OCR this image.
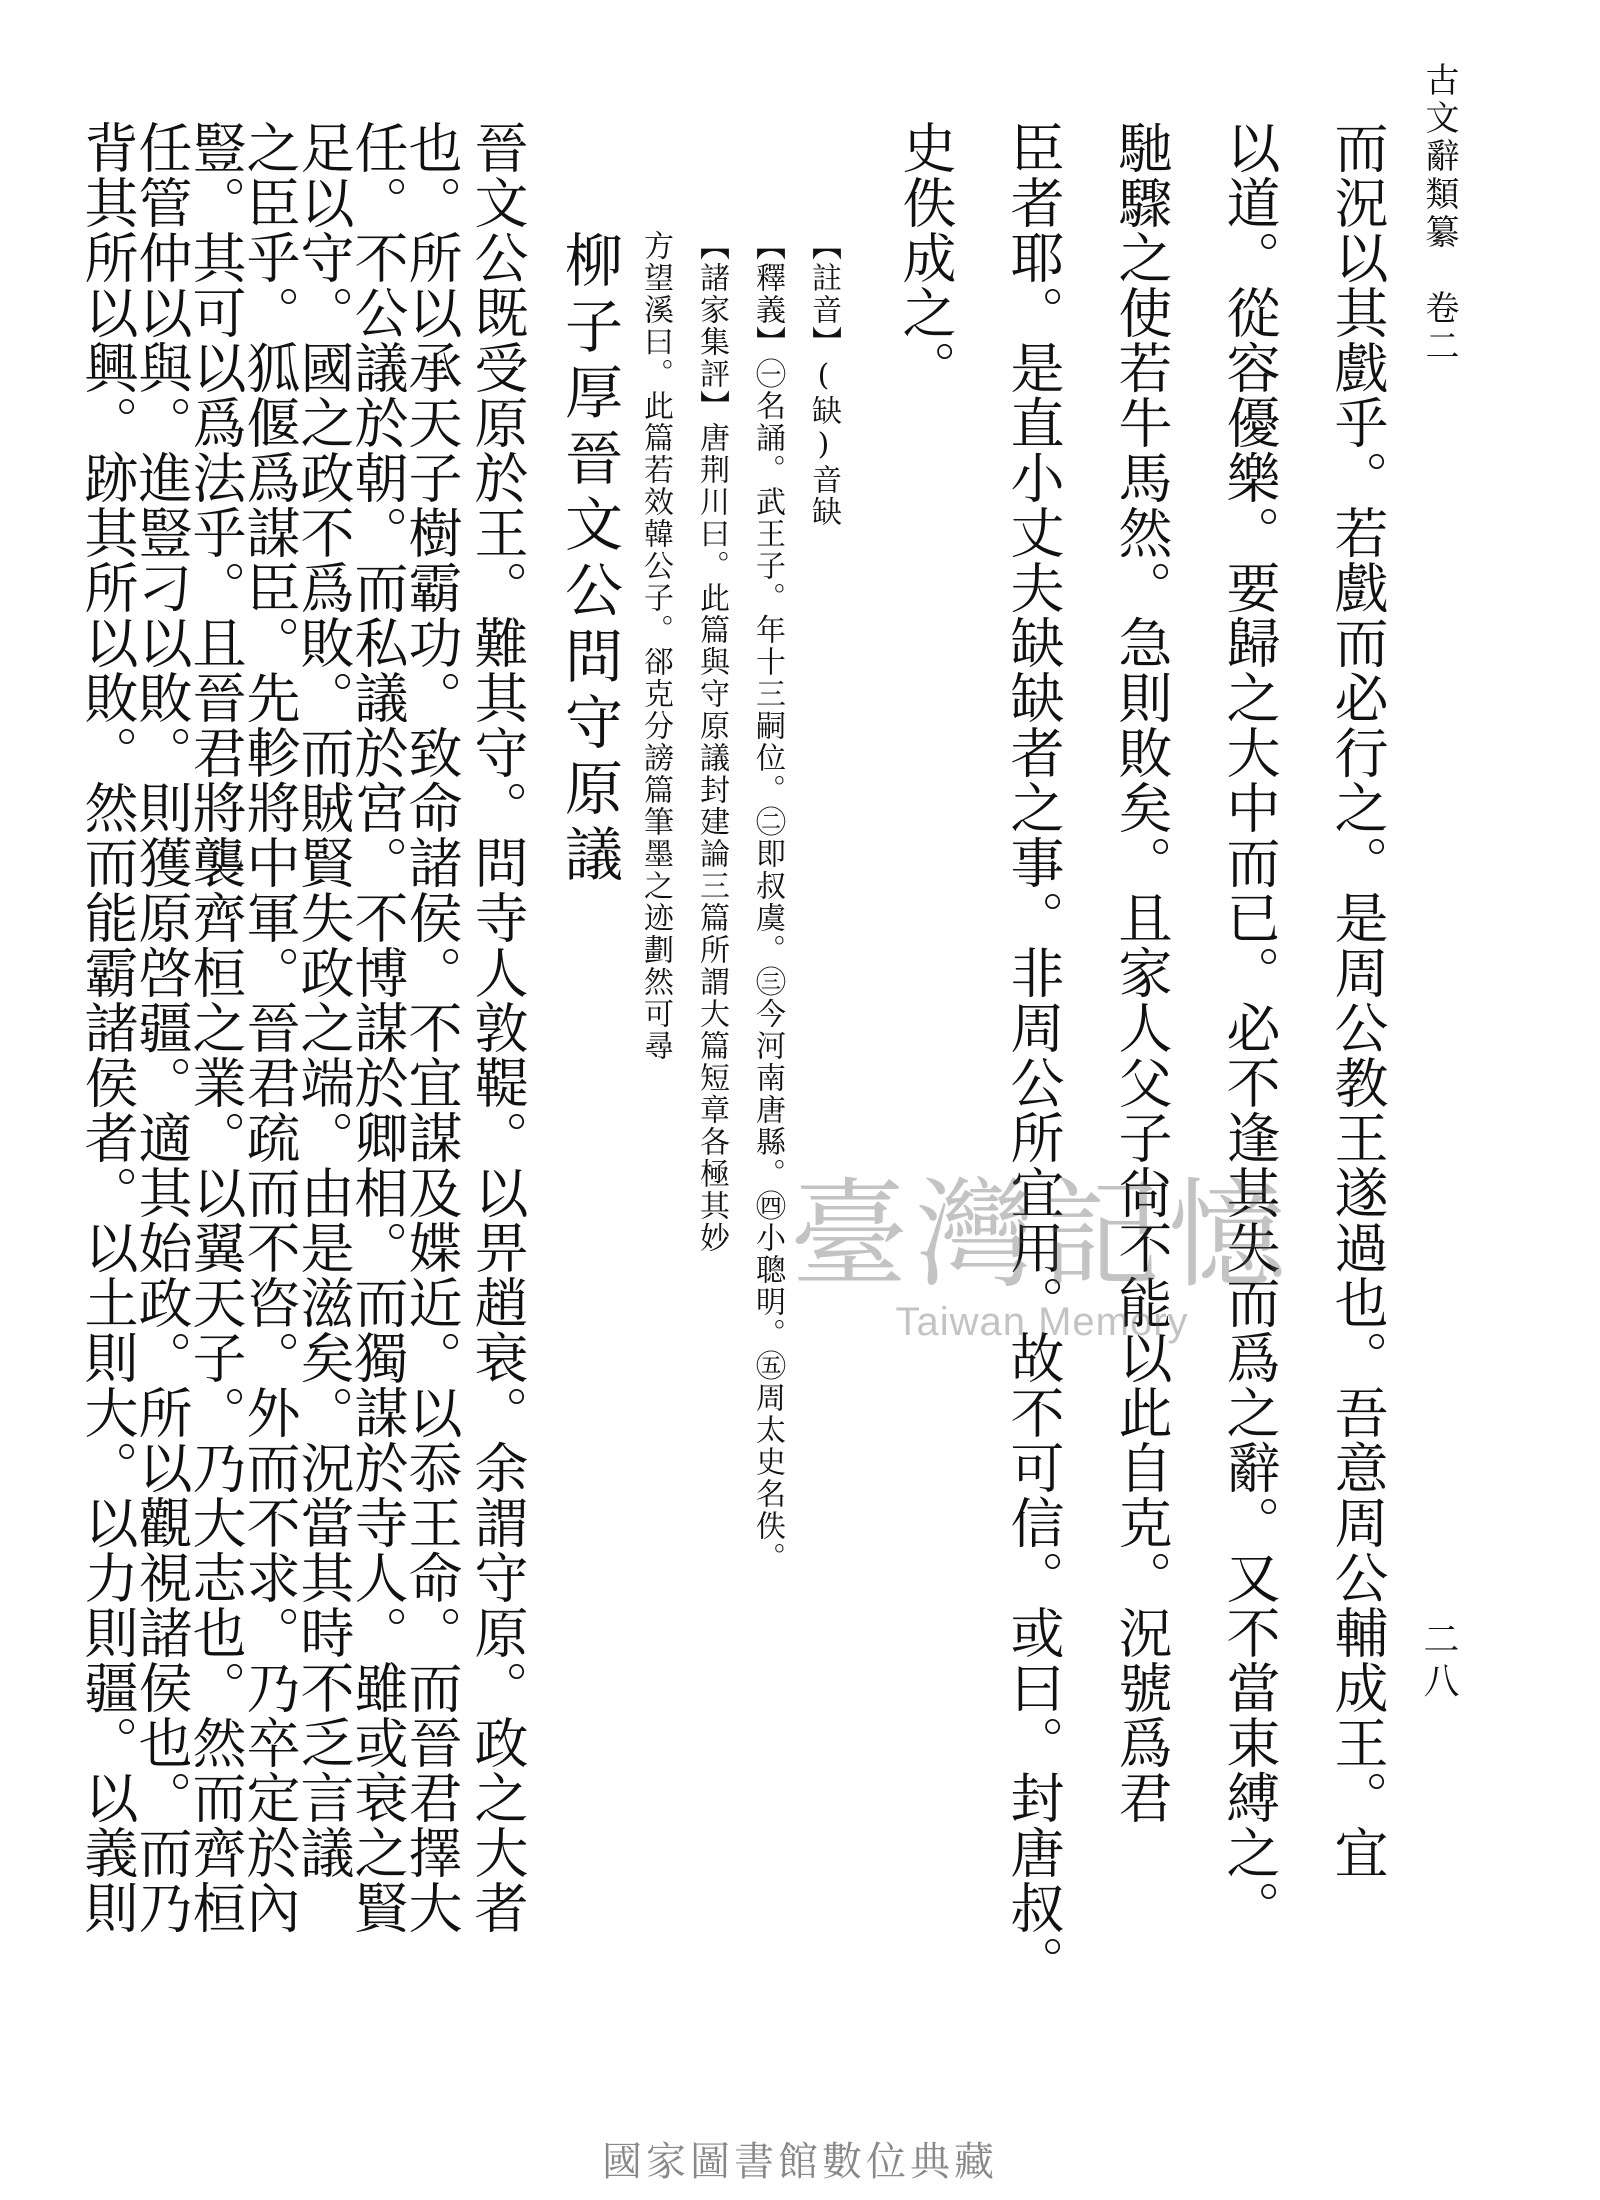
古文辭類纂　卷二
二八
而況以其戲乎。若戲而必行之。是周公教王遂過也。吾意周公輔成王。宜
以道。從容優樂。要歸之大中而已。必不逢其失而爲之辭。又不當束縛之。
馳驟之使若牛馬然。急則敗矣。且家人父子尙不能以此自克。況號爲君
臣者耶。是直小丈夫缺缺者之事。非周公所宜用。故不可信。或曰。封唐叔。
史佚成之。
【註音】(缺)音缺
【釋義】㊀名誦。武王子。年十三嗣位。㊁即叔虞。㊂今河南唐縣。㊃小聰明。㊄周太史名佚。
【諸家集評】唐荆川曰。此篇與守原議封建論三篇所謂大篇短章各極其妙
方望溪曰。此篇若效韓公子。郤克分謗篇筆墨之迹劃然可尋
柳子厚晉文公問守原議
晉文公既受原於王。難其守。問寺人敦鞮。以畀趙衰。余謂守原。政之大者
也。所以承天子樹霸功。致命諸侯。不宜謀及媟近。以忝王命。而晉君擇大
任。不公議於朝。而私議於宮。不博謀於卿相。而獨謀於寺人。雖或衰之賢
足以守。國之政不爲敗。而賊賢失政之端。由是滋矣。況當其時不乏言議
之臣乎。狐偃爲謀臣。先軫將中軍。晉君疏而不咨。外而不求。乃卒定於內
豎。其可以爲法乎。且晉君將襲齊桓之業。以翼天子。乃大志也。然而齊桓
任管仲以與。進豎刁以敗。則獲原啓疆。適其始政。所以觀視諸侯也。而乃
背其所以興。跡其所以敗。然而能霸諸侯者。以土則大。以力則疆。以義則	臺灣記憶
Taiwan Memory
國家圖書館數位典藏
